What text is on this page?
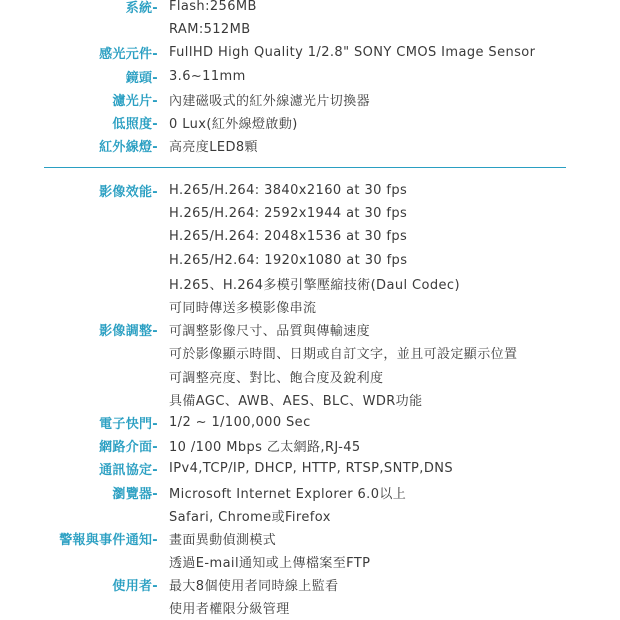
系統- Flash:256MB
RAM:512MB
感光元件- FullHD High Quality 1/2.8" SONY CMOS Image Sensor
鏡頭- 3.6~11mm
濾光片- 內建磁吸式的紅外線濾光片切換器
低照度- 0 Lux(紅外線燈啟動)
紅外線燈- 高亮度LED8顆
影像效能- H.265/H.264: 3840x2160 at 30 fps
H.265/H.264: 2592x1944 at 30 fps
H.265/H.264: 2048x1536 at 30 fps
H.265/H2.64: 1920x1080 at 30 fps
H.265、H.264多模引擎壓縮技術(Daul Codec)
可同時傳送多模影像串流
影像調整- 可調整影像尺寸、品質與傳輸速度
可於影像顯示時間、日期或自訂文字，並且可設定顯示位置
可調整亮度、對比、飽合度及銳利度
具備AGC、AWB、AES、BLC、WDR功能
電子快門- 1/2 ~ 1/100,000 Sec
網路介面- 10 /100 Mbps 乙太網路,RJ-45
通訊協定- IPv4,TCP/IP, DHCP, HTTP, RTSP,SNTP,DNS
瀏覽器- Microsoft Internet Explorer 6.0以上
Safari, Chrome或Firefox
警報與事件通知- 畫面異動偵測模式
透過E-mail通知或上傳檔案至FTP
使用者- 最大8個使用者同時線上監看
使用者權限分級管理
